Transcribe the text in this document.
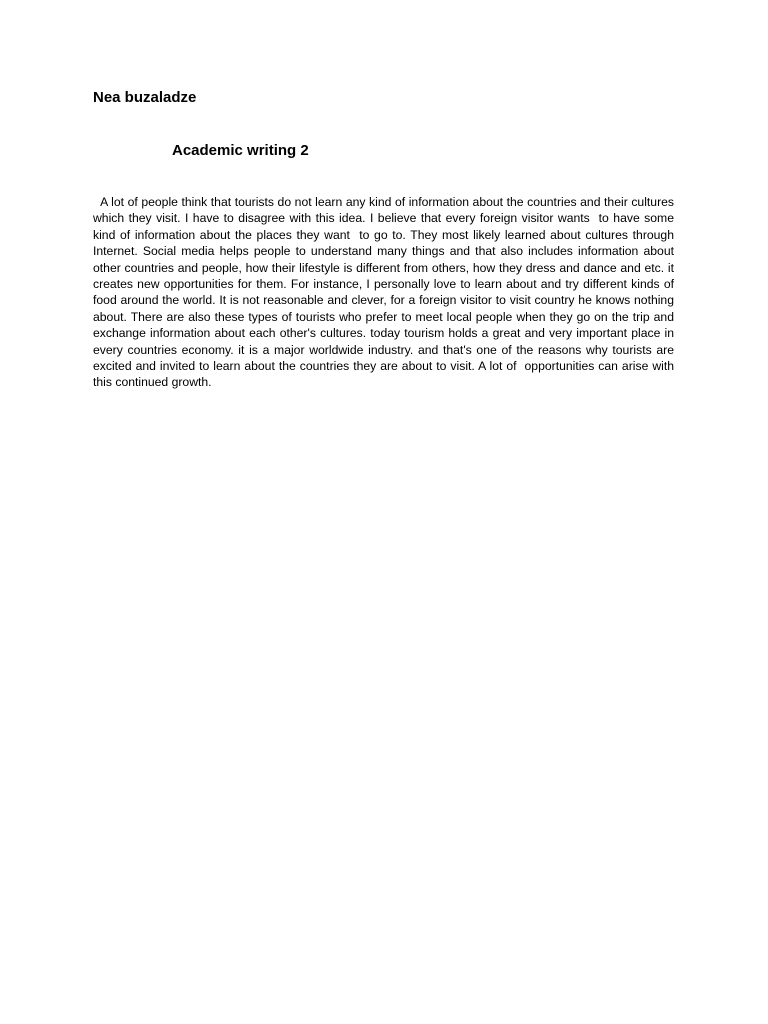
Nea buzaladze

Academic writing 2

A lot of people think that tourists do not learn any kind of information about the countries and their cultures which they visit. I have to disagree with this idea. I believe that every foreign visitor wants  to have some kind of information about the places they want  to go to. They most likely learned about cultures through Internet. Social media helps people to understand many things and that also includes information about other countries and people, how their lifestyle is different from others, how they dress and dance and etc. it creates new opportunities for them. For instance, I personally love to learn about and try different kinds of food around the world. It is not reasonable and clever, for a foreign visitor to visit country he knows nothing about. There are also these types of tourists who prefer to meet local people when they go on the trip and exchange information about each other's cultures. today tourism holds a great and very important place in every countries economy. it is a major worldwide industry. and that's one of the reasons why tourists are excited and invited to learn about the countries they are about to visit. A lot of  opportunities can arise with this continued growth.
